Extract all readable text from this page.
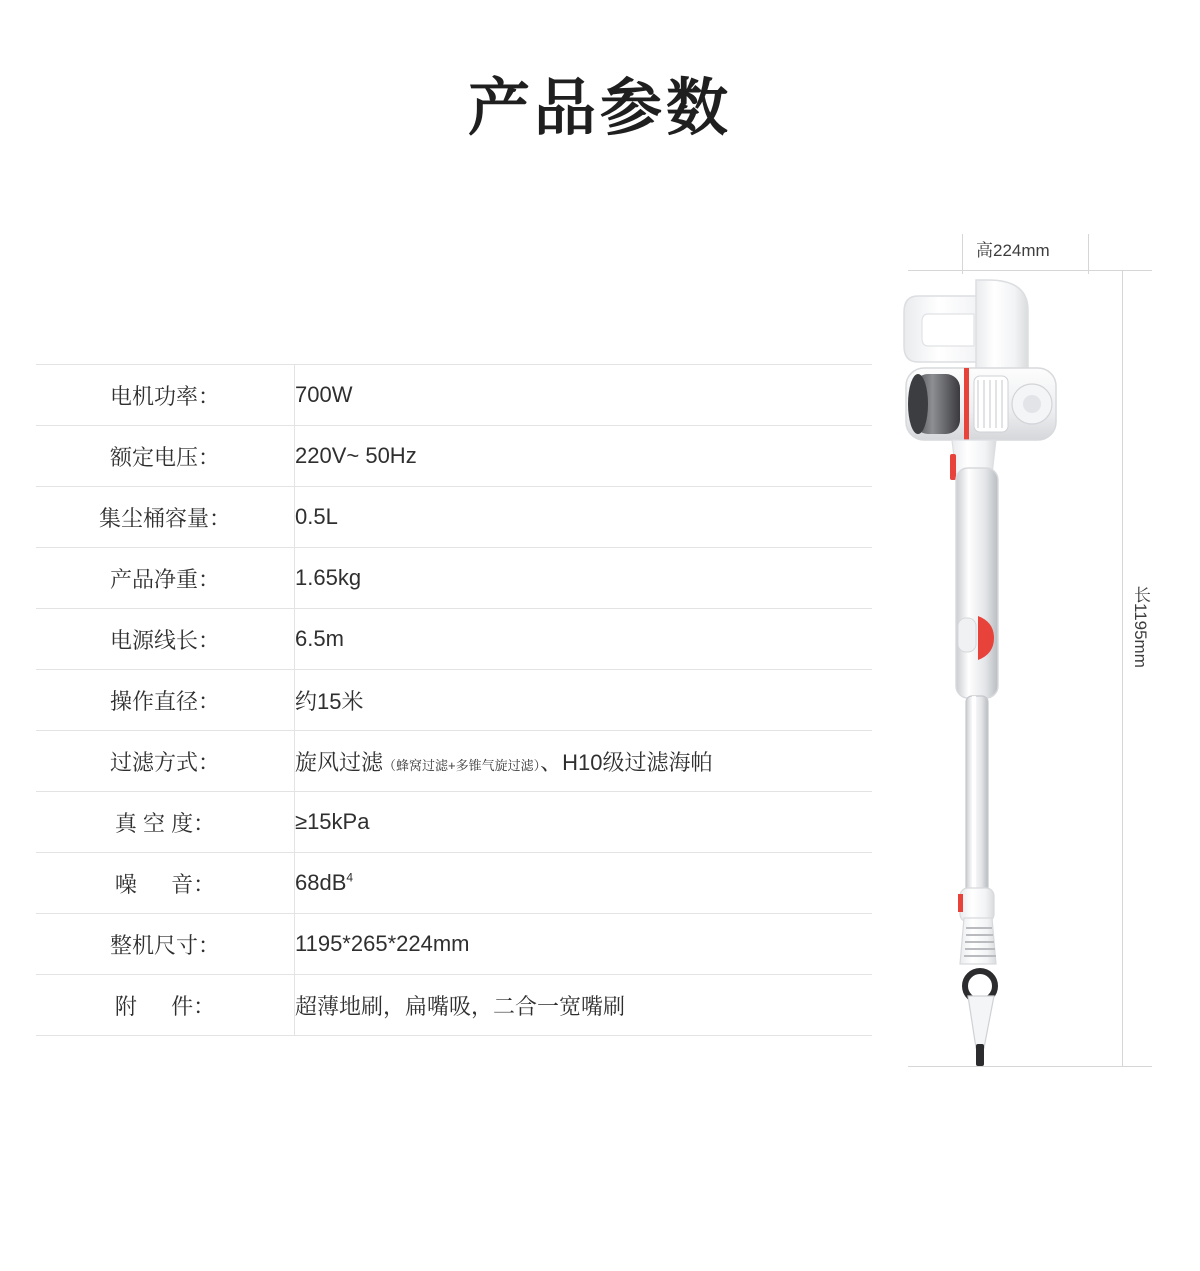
产品参数
电机功率：	700W
额定电压：	220V~ 50Hz
集尘桶容量：	0.5L
产品净重：	1.65kg
电源线长：	6.5m
操作直径：	约15米
过滤方式：	旋风过滤（蜂窝过滤+多锥气旋过滤）、H10级过滤海帕
真 空 度：	≥15kPa
噪　  音：	$68dB^4$
整机尺寸：	1195*265*224mm
附　  件：	超薄地刷，扁嘴吸，二合一宽嘴刷
高224mm
长1195mm
